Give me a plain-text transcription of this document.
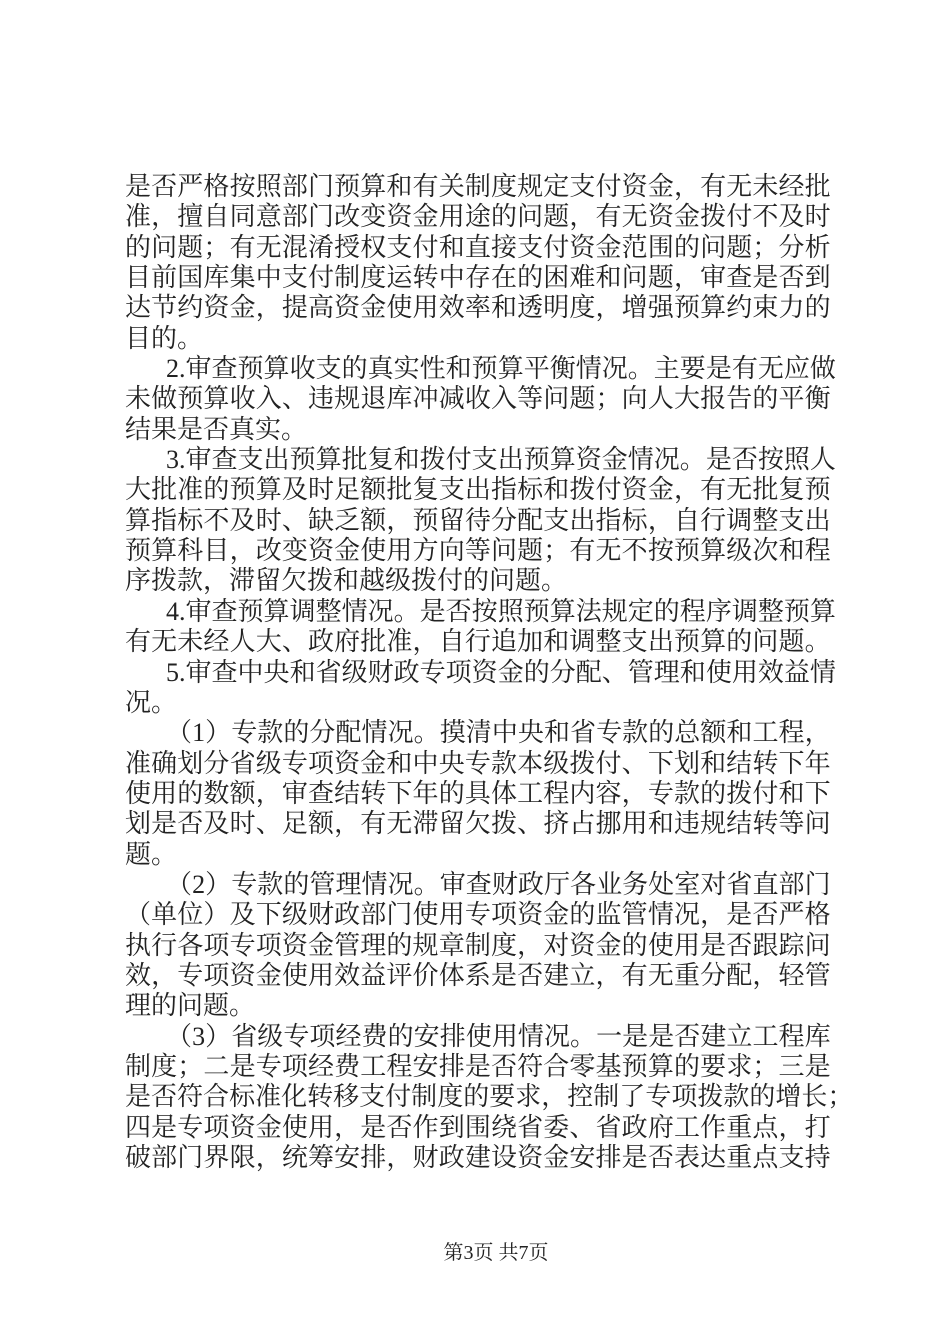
是 否 严 格 按 照 部 门 预 算 和 有 关 制 度 规 定 支 付 资 金 ， 有 无 未 经 批
准 ， 擅 自 同 意 部 门 改 变 资 金 用 途 的 问 题 ， 有 无 资 金 拨 付 不 及 时
的 问 题 ； 有 无 混 淆 授 权 支 付 和 直 接 支 付 资 金 范 围 的 问 题 ； 分 析
目 前 国 库 集 中 支 付 制 度 运 转 中 存 在 的 困 难 和 问 题 ， 审 查 是 否 到
达 节 约 资 金 ， 提 高 资 金 使 用 效 率 和 透 明 度 ， 增 强 预 算 约 束 力 的
目的。
2 . 审 查 预 算 收 支 的 真 实 性 和 预 算 平 衡 情 况 。 主 要 是 有 无 应 做
未 做 预 算 收 入 、 违 规 退 库 冲 减 收 入 等 问 题 ； 向 人 大 报 告 的 平 衡
结果是否真实。
3 . 审 查 支 出 预 算 批 复 和 拨 付 支 出 预 算 资 金 情 况 。 是 否 按 照 人
大 批 准 的 预 算 及 时 足 额 批 复 支 出 指 标 和 拨 付 资 金 ， 有 无 批 复 预
算 指 标 不 及 时 、 缺 乏 额 ， 预 留 待 分 配 支 出 指 标 ， 自 行 调 整 支 出
预 算 科 目 ， 改 变 资 金 使 用 方 向 等 问 题 ； 有 无 不 按 预 算 级 次 和 程
序拨款，滞留欠拨和越级拨付的问题。
4 . 审 查 预 算 调 整 情 况 。 是 否 按 照 预 算 法 规 定 的 程 序 调 整 预 算
有 无 未 经 人 大 、 政 府 批 准 ， 自 行 追 加 和 调 整 支 出 预 算 的 问 题 。
5 . 审 查 中 央 和 省 级 财 政 专 项 资 金 的 分 配 、 管 理 和 使 用 效 益 情
况。
（ 1 ） 专 款 的 分 配 情 况 。 摸 清 中 央 和 省 专 款 的 总 额 和 工 程 ，
准 确 划 分 省 级 专 项 资 金 和 中 央 专 款 本 级 拨 付 、 下 划 和 结 转 下 年
使 用 的 数 额 ， 审 查 结 转 下 年 的 具 体 工 程 内 容 ， 专 款 的 拨 付 和 下
划 是 否 及 时 、 足 额 ， 有 无 滞 留 欠 拨 、 挤 占 挪 用 和 违 规 结 转 等 问
题。
（ 2 ） 专 款 的 管 理 情 况 。 审 查 财 政 厅 各 业 务 处 室 对 省 直 部 门
（ 单 位 ） 及 下 级 财 政 部 门 使 用 专 项 资 金 的 监 管 情 况 ， 是 否 严 格
执 行 各 项 专 项 资 金 管 理 的 规 章 制 度 ， 对 资 金 的 使 用 是 否 跟 踪 问
效 ， 专 项 资 金 使 用 效 益 评 价 体 系 是 否 建 立 ， 有 无 重 分 配 ， 轻 管
理的问题。
（ 3 ） 省 级 专 项 经 费 的 安 排 使 用 情 况 。 一 是 是 否 建 立 工 程 库
制 度 ； 二 是 专 项 经 费 工 程 安 排 是 否 符 合 零 基 预 算 的 要 求 ； 三 是
是 否 符 合 标 准 化 转 移 支 付 制 度 的 要 求 ， 控 制 了 专 项 拨 款 的 增 长 ；
四 是 专 项 资 金 使 用 ， 是 否 作 到 围 绕 省 委 、 省 政 府 工 作 重 点 ， 打
破 部 门 界 限 ， 统 筹 安 排 ， 财 政 建 设 资 金 安 排 是 否 表 达 重 点 支 持
第3页 共7页
